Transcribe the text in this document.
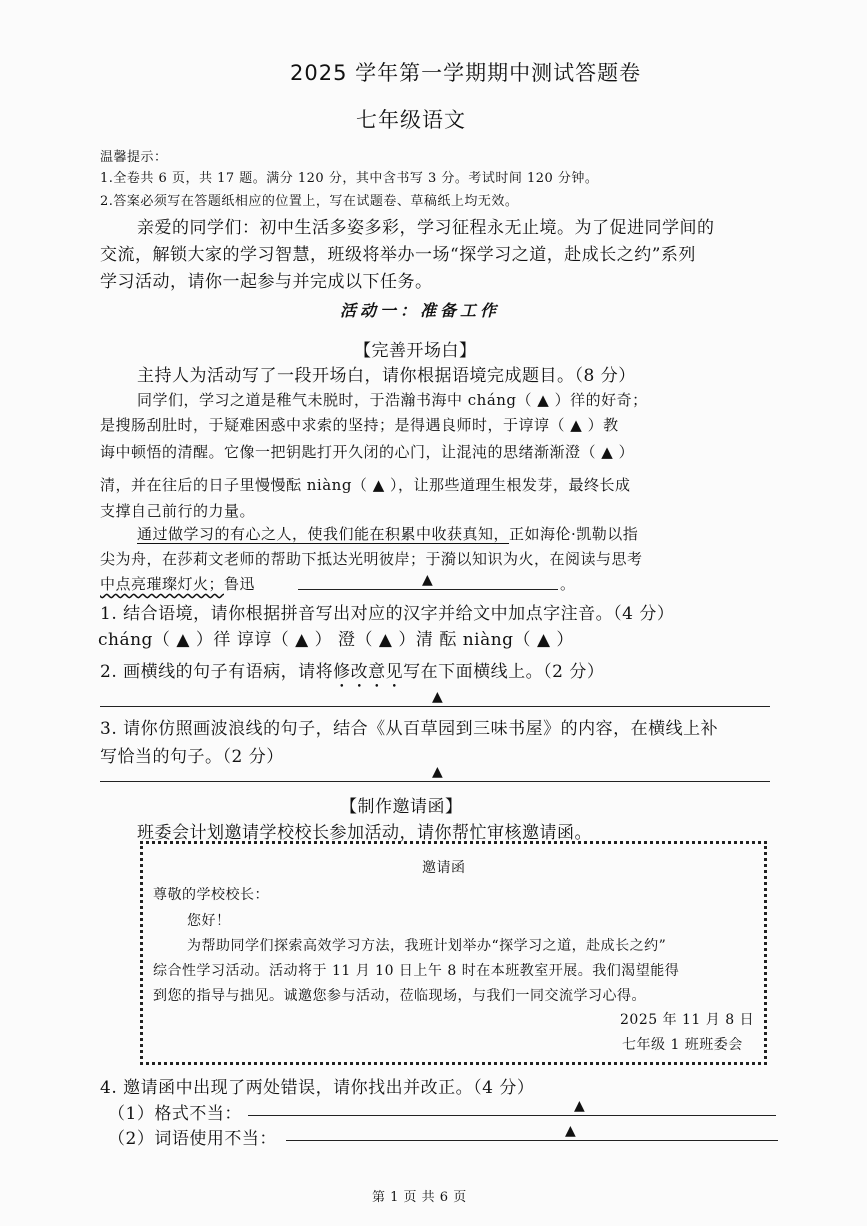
2025 学年第一学期期中测试答题卷
七年级语文
温馨提示：
1.全卷共 6 页，共 17 题。满分 120 分，其中含书写 3 分。考试时间 120 分钟。
2.答案必须写在答题纸相应的位置上，写在试题卷、草稿纸上均无效。
亲爱的同学们：初中生活多姿多彩，学习征程永无止境。为了促进同学间的
交流，解锁大家的学习智慧，班级将举办一场“探学习之道，赴成长之约”系列
学习活动，请你一起参与并完成以下任务。
活动一：准备工作
【完善开场白】
主持人为活动写了一段开场白，请你根据语境完成题目。（8 分）
同学们，学习之道是稚气未脱时，于浩瀚书海中 cháng（ ▲ ）徉的好奇；
是搜肠刮肚时，于疑难困惑中求索的坚持；是得遇良师时，于谆谆（ ▲ ）教
诲中顿悟的清醒。它像一把钥匙打开久闭的心门，让混沌的思绪渐渐澄（ ▲ ）
清，并在往后的日子里慢慢酝 niàng（ ▲ ），让那些道理生根发芽，最终长成
支撑自己前行的力量。
通过做学习的有心之人，使我们能在积累中收获真知，正如海伦·凯勒以指
尖为舟，在莎莉文老师的帮助下抵达光明彼岸；于漪以知识为火，在阅读与思考
中点亮璀璨灯火；鲁迅	▲	。
1. 结合语境，请你根据拼音写出对应的汉字并给文中加点字注音。（4 分）
cháng（ ▲ ）徉 谆谆（ ▲ ） 澄（ ▲ ）清 酝 niàng（ ▲ ）
2. 画横线的句子有语病，请将修改意见写在下面横线上。（2 分）
▲
3. 请你仿照画波浪线的句子，结合《从百草园到三味书屋》的内容，在横线上补
写恰当的句子。（2 分）
▲
【制作邀请函】
班委会计划邀请学校校长参加活动，请你帮忙审核邀请函。
邀请函
尊敬的学校校长：
您好！
为帮助同学们探索高效学习方法，我班计划举办“探学习之道，赴成长之约”
综合性学习活动。活动将于 11 月 10 日上午 8 时在本班教室开展。我们渴望能得
到您的指导与拙见。诚邀您参与活动，莅临现场，与我们一同交流学习心得。
2025 年 11 月 8 日
七年级 1 班班委会
4. 邀请函中出现了两处错误，请你找出并改正。（4 分）
（1）格式不当：	▲
（2）词语使用不当：	▲
第 1 页 共 6 页
